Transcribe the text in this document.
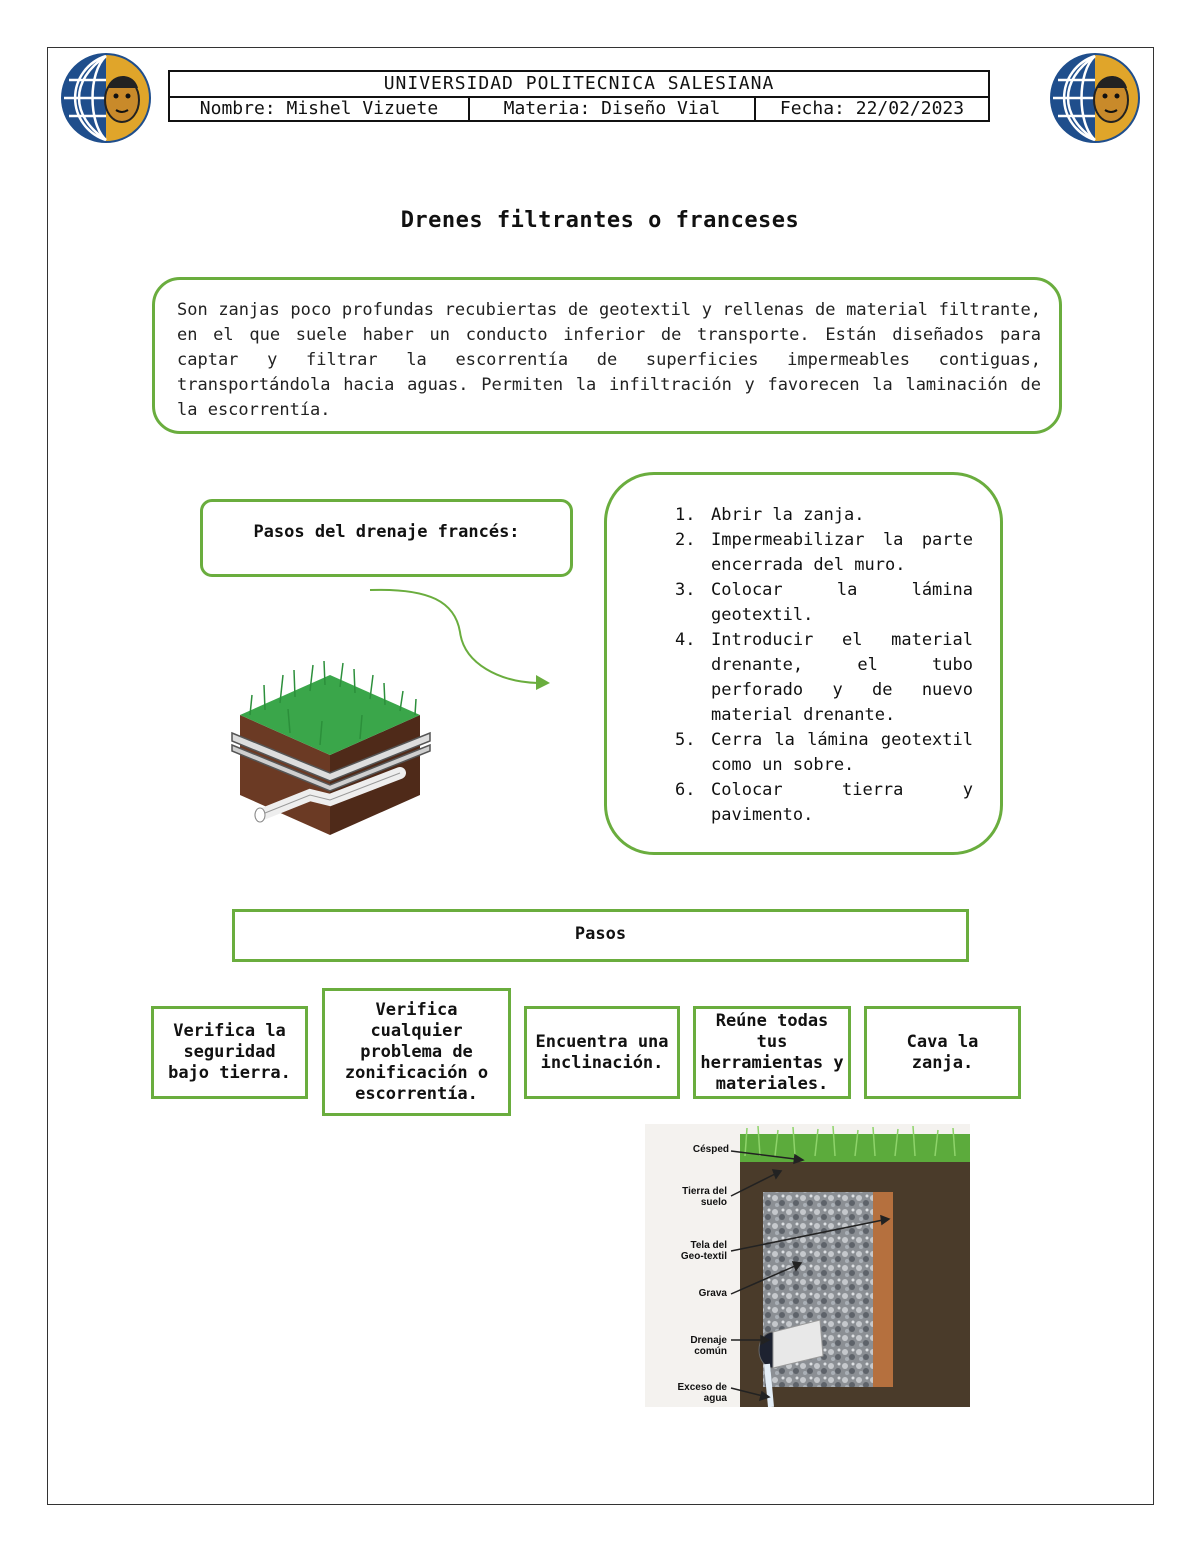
UNIVERSIDAD POLITECNICA SALESIANA
Nombre: Mishel Vizuete	Materia: Diseño Vial	Fecha: 22/02/2023
Drenes filtrantes o franceses
Son zanjas poco profundas recubiertas de geotextil y rellenas de material filtrante, en el que suele haber un conducto inferior de transporte. Están diseñados para captar y filtrar la escorrentía de superficies impermeables contiguas, transportándola hacia aguas. Permiten la infiltración y favorecen la laminación de la escorrentía.
Pasos del drenaje francés:
1. Abrir la zanja.
2. Impermeabilizar la parte encerrada del muro.
3. Colocar la lámina geotextil.
4. Introducir el material drenante, el tubo perforado y de nuevo material drenante.
5. Cerra la lámina geotextil como un sobre.
6. Colocar tierra y pavimento.
Pasos
Verifica la seguridad bajo tierra.
Verifica cualquier problema de zonificación o escorrentía.
Encuentra una inclinación.
Reúne todas tus herramientas y materiales.
Cava la zanja.
Césped
Tierra del suelo
Tela del Geo-textil
Grava
Drenaje común
Exceso de agua
